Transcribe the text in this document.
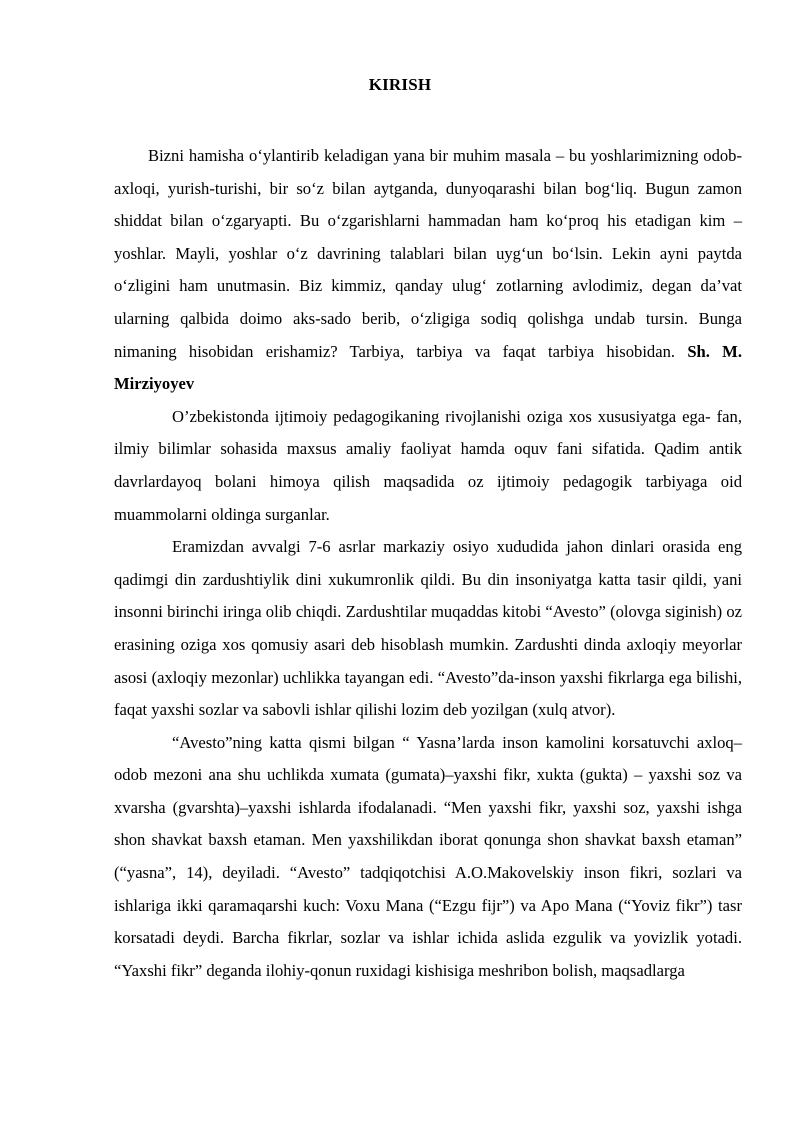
KIRISH

Bizni hamisha o‘ylantirib keladigan yana bir muhim masala – bu yoshlarimizning odob-axloqi, yurish-turishi, bir so‘z bilan aytganda, dunyoqarashi bilan bog‘liq. Bugun zamon shiddat bilan o‘zgaryapti. Bu o‘zgarishlarni hammadan ham ko‘proq his etadigan kim – yoshlar. Mayli, yoshlar o‘z davrining talablari bilan uyg‘un bo‘lsin. Lekin ayni paytda o‘zligini ham unutmasin. Biz kimmiz, qanday ulug‘ zotlarning avlodimiz, degan da’vat ularning qalbida doimo aks-sado berib, o‘zligiga sodiq qolishga undab tursin. Bunga nimaning hisobidan erishamiz? Tarbiya, tarbiya va faqat tarbiya hisobidan. Sh. M. Mirziyoyev

O’zbekistonda ijtimoiy pedagogikaning rivojlanishi oziga xos xususiyatga ega- fan, ilmiy bilimlar sohasida maxsus amaliy faoliyat hamda oquv fani sifatida. Qadim antik davrlardayoq bolani himoya qilish maqsadida oz ijtimoiy pedagogik tarbiyaga oid muammolarni oldinga surganlar.

Eramizdan avvalgi 7-6 asrlar markaziy osiyo xududida jahon dinlari orasida eng qadimgi din zardushtiylik dini xukumronlik qildi. Bu din insoniyatga katta tasir qildi, yani insonni birinchi iringa olib chiqdi. Zardushtilar muqaddas kitobi “Avesto” (olovga siginish) oz erasining oziga xos qomusiy asari deb hisoblash mumkin. Zardushti dinda axloqiy meyorlar asosi (axloqiy mezonlar) uchlikka tayangan edi. “Avesto”da-inson yaxshi fikrlarga ega bilishi, faqat yaxshi sozlar va sabovli ishlar qilishi lozim deb yozilgan (xulq atvor).

“Avesto”ning katta qismi bilgan “ Yasna’larda inson kamolini korsatuvchi axloq–odob mezoni ana shu uchlikda xumata (gumata)–yaxshi fikr, xukta (gukta) – yaxshi soz va xvarsha (gvarshta)–yaxshi ishlarda ifodalanadi. “Men yaxshi fikr, yaxshi soz, yaxshi ishga shon shavkat baxsh etaman. Men yaxshilikdan iborat qonunga shon shavkat baxsh etaman” (“yasna”, 14), deyiladi. “Avesto” tadqiqotchisi A.O.Makovelskiy inson fikri, sozlari va ishlariga ikki qaramaqarshi kuch: Voxu Mana (“Ezgu fijr”) va Apo Mana (“Yoviz fikr”) tasr korsatadi deydi. Barcha fikrlar, sozlar va ishlar ichida aslida ezgulik va yovizlik yotadi. “Yaxshi fikr” deganda ilohiy-qonun ruxidagi kishisiga meshribon bolish, maqsadlarga
